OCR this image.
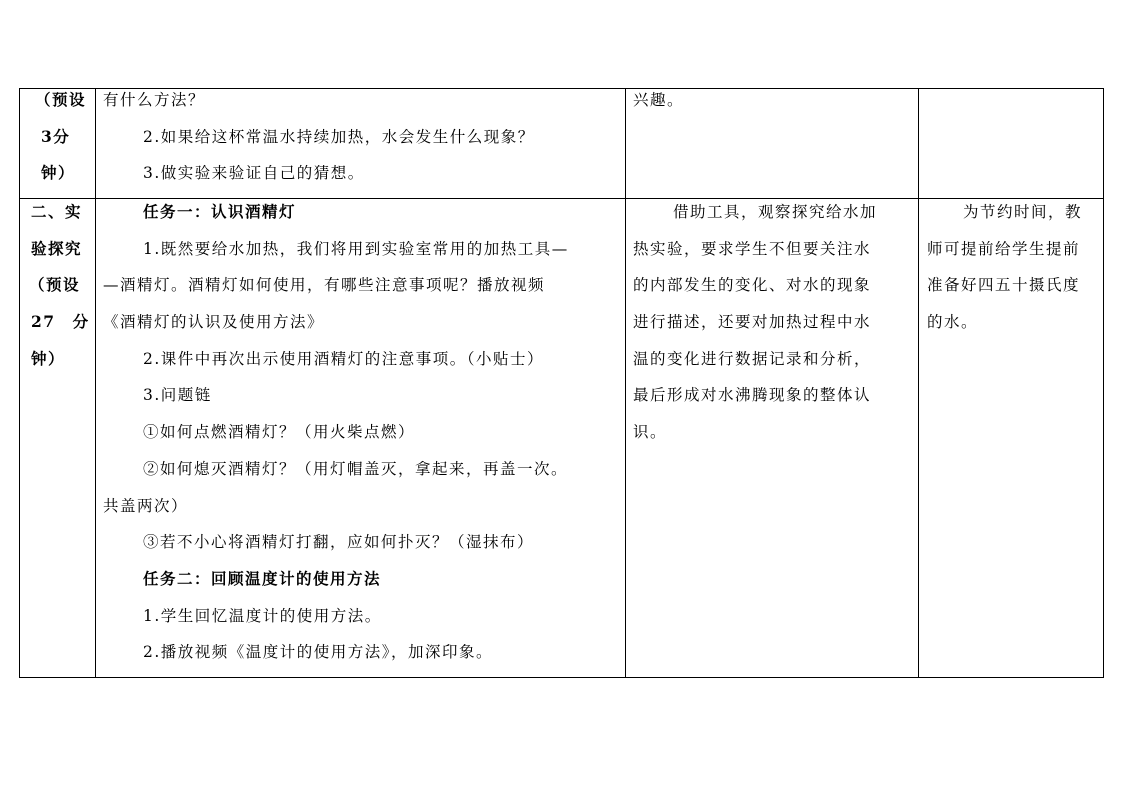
（预设
3分
钟）
有什么方法？
2.如果给这杯常温水持续加热，水会发生什么现象？
3.做实验来验证自己的猜想。
兴趣。
二、实
验探究
（预设
27　分
钟）
任务一：认识酒精灯
1.既然要给水加热，我们将用到实验室常用的加热工具—
—酒精灯。酒精灯如何使用，有哪些注意事项呢？播放视频
《酒精灯的认识及使用方法》
2.课件中再次出示使用酒精灯的注意事项。（小贴士）
3.问题链
①如何点燃酒精灯？（用火柴点燃）
②如何熄灭酒精灯？（用灯帽盖灭，拿起来，再盖一次。
共盖两次）
③若不小心将酒精灯打翻，应如何扑灭？（湿抹布）
任务二：回顾温度计的使用方法
1.学生回忆温度计的使用方法。
2.播放视频《温度计的使用方法》，加深印象。
借助工具，观察探究给水加
热实验，要求学生不但要关注水
的内部发生的变化、对水的现象
进行描述，还要对加热过程中水
温的变化进行数据记录和分析，
最后形成对水沸腾现象的整体认
识。
为节约时间，教
师可提前给学生提前
准备好四五十摄氏度
的水。
